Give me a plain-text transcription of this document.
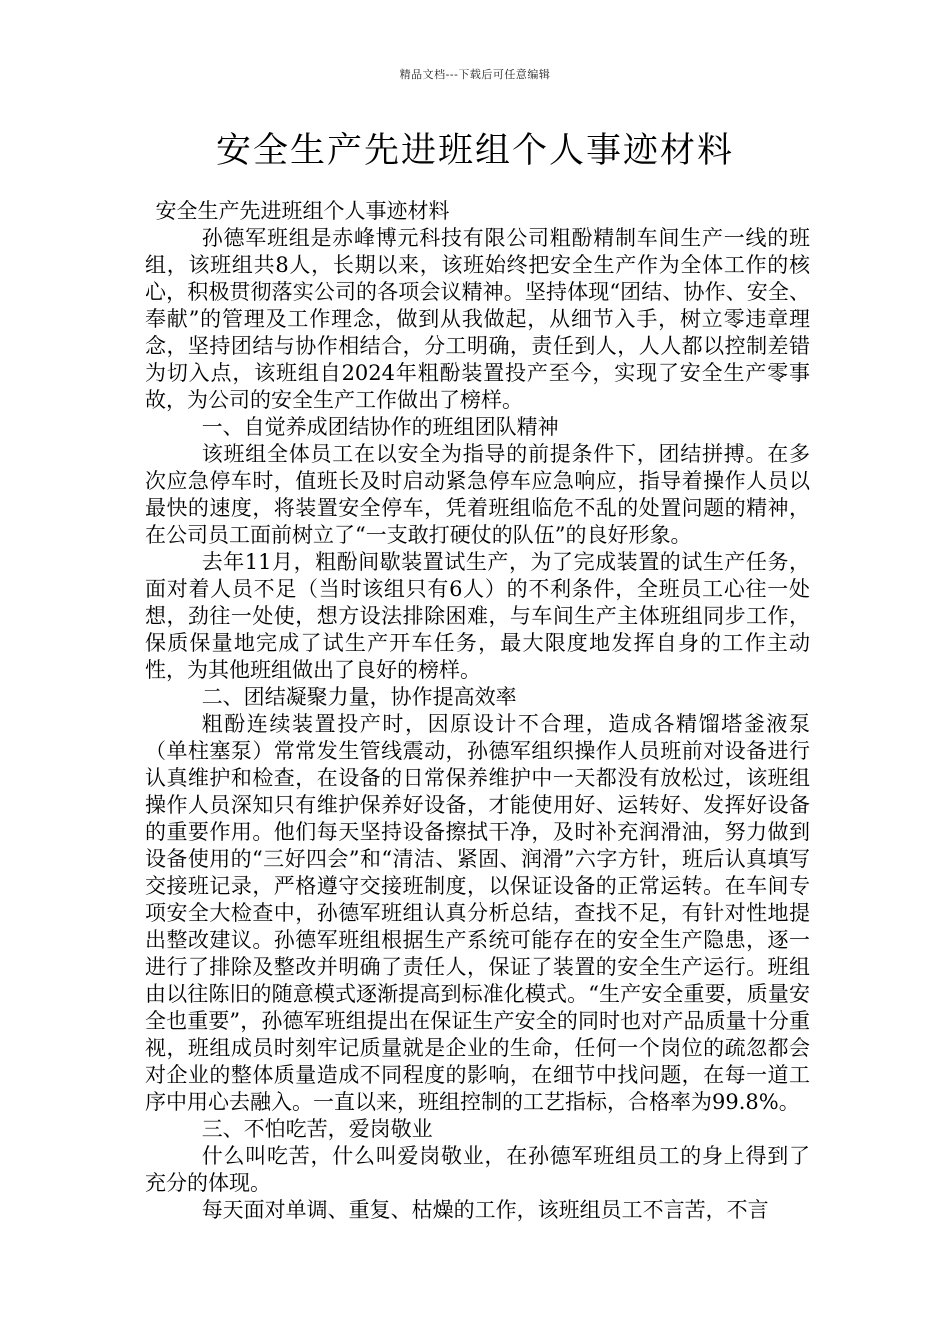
精品文档---下载后可任意编辑
安全生产先进班组个人事迹材料

安全生产先进班组个人事迹材料

孙德军班组是赤峰博元科技有限公司粗酚精制车间生产一线的班组，该班组共8人，长期以来，该班始终把安全生产作为全体工作的核心，积极贯彻落实公司的各项会议精神。坚持体现“团结、协作、安全、奉献”的管理及工作理念，做到从我做起，从细节入手，树立零违章理念，坚持团结与协作相结合，分工明确，责任到人，人人都以控制差错为切入点，该班组自2024年粗酚装置投产至今，实现了安全生产零事故，为公司的安全生产工作做出了榜样。

一、自觉养成团结协作的班组团队精神

该班组全体员工在以安全为指导的前提条件下，团结拼搏。在多次应急停车时，值班长及时启动紧急停车应急响应，指导着操作人员以最快的速度，将装置安全停车，凭着班组临危不乱的处置问题的精神，在公司员工面前树立了“一支敢打硬仗的队伍”的良好形象。

去年11月，粗酚间歇装置试生产，为了完成装置的试生产任务，面对着人员不足（当时该组只有6人）的不利条件，全班员工心往一处想，劲往一处使，想方设法排除困难，与车间生产主体班组同步工作，保质保量地完成了试生产开车任务，最大限度地发挥自身的工作主动性，为其他班组做出了良好的榜样。

二、团结凝聚力量，协作提高效率

粗酚连续装置投产时，因原设计不合理，造成各精馏塔釜液泵（单柱塞泵）常常发生管线震动，孙德军组织操作人员班前对设备进行认真维护和检查，在设备的日常保养维护中一天都没有放松过，该班组操作人员深知只有维护保养好设备，才能使用好、运转好、发挥好设备的重要作用。他们每天坚持设备擦拭干净，及时补充润滑油，努力做到设备使用的“三好四会”和“清洁、紧固、润滑”六字方针，班后认真填写交接班记录，严格遵守交接班制度，以保证设备的正常运转。在车间专项安全大检查中，孙德军班组认真分析总结，查找不足，有针对性地提出整改建议。孙德军班组根据生产系统可能存在的安全生产隐患，逐一进行了排除及整改并明确了责任人，保证了装置的安全生产运行。班组由以往陈旧的随意模式逐渐提高到标准化模式。“生产安全重要，质量安全也重要”，孙德军班组提出在保证生产安全的同时也对产品质量十分重视，班组成员时刻牢记质量就是企业的生命，任何一个岗位的疏忽都会对企业的整体质量造成不同程度的影响，在细节中找问题，在每一道工序中用心去融入。一直以来，班组控制的工艺指标，合格率为99.8%。

三、不怕吃苦，爱岗敬业

什么叫吃苦，什么叫爱岗敬业，在孙德军班组员工的身上得到了充分的体现。

每天面对单调、重复、枯燥的工作，该班组员工不言苦，不言
